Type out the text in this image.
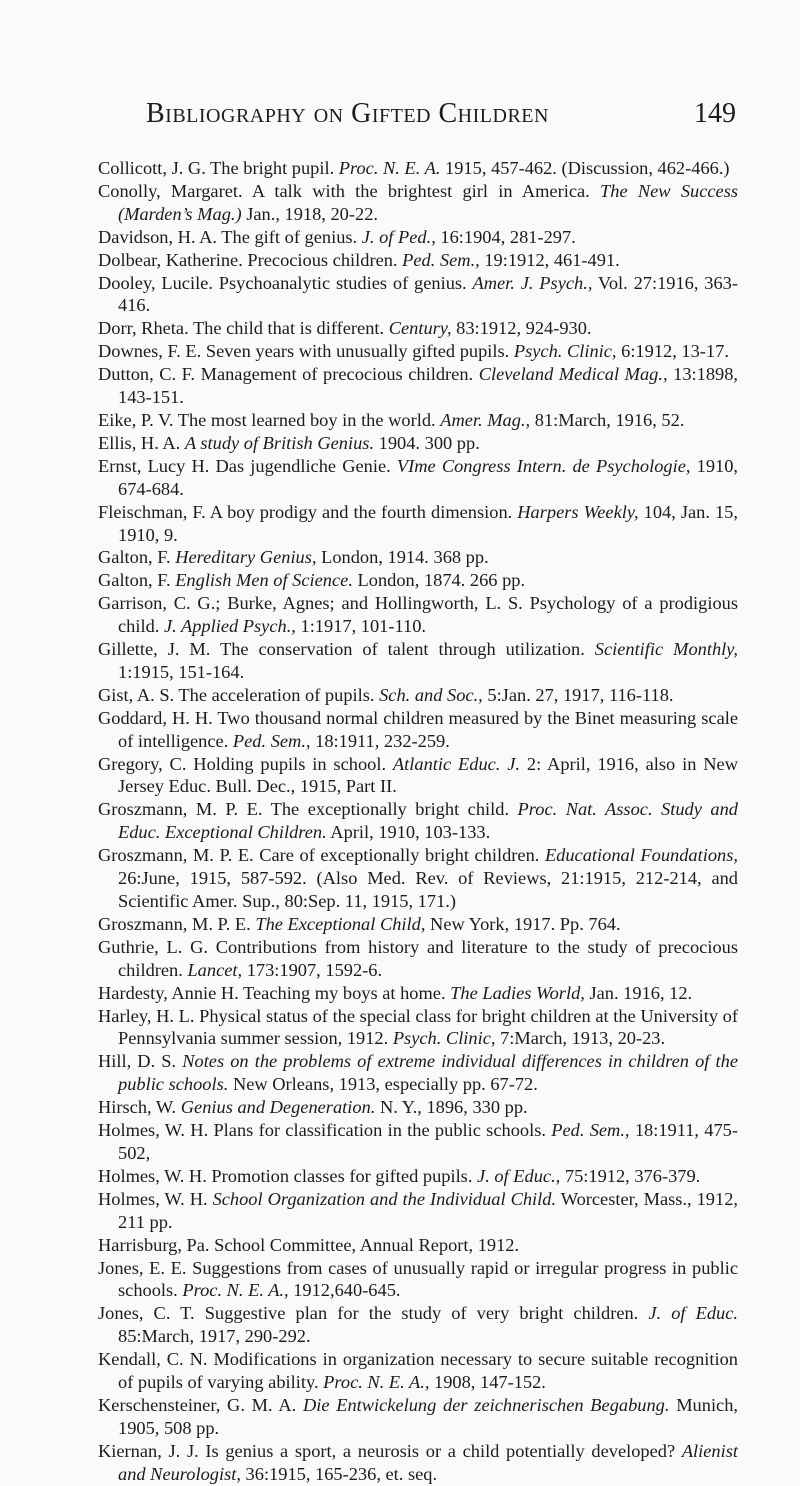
Bibliography on Gifted Children	149

Collicott, J. G. The bright pupil. Proc. N. E. A. 1915, 457-462. (Discussion, 462-466.)

Conolly, Margaret. A talk with the brightest girl in America. The New Success (Marden’s Mag.) Jan., 1918, 20-22.

Davidson, H. A. The gift of genius. J. of Ped., 16:1904, 281-297.

Dolbear, Katherine. Precocious children. Ped. Sem., 19:1912, 461-491.

Dooley, Lucile. Psychoanalytic studies of genius. Amer. J. Psych., Vol. 27:1916, 363-416.

Dorr, Rheta. The child that is different. Century, 83:1912, 924-930.

Downes, F. E. Seven years with unusually gifted pupils. Psych. Clinic, 6:1912, 13-17.

Dutton, C. F. Management of precocious children. Cleveland Medical Mag., 13:1898, 143-151.

Eike, P. V. The most learned boy in the world. Amer. Mag., 81:March, 1916, 52.

Ellis, H. A. A study of British Genius. 1904. 300 pp.

Ernst, Lucy H. Das jugendliche Genie. VIme Congress Intern. de Psychologie, 1910, 674-684.

Fleischman, F. A boy prodigy and the fourth dimension. Harpers Weekly, 104, Jan. 15, 1910, 9.

Galton, F. Hereditary Genius, London, 1914. 368 pp.

Galton, F. English Men of Science. London, 1874. 266 pp.

Garrison, C. G.; Burke, Agnes; and Hollingworth, L. S. Psychology of a prodigious child. J. Applied Psych., 1:1917, 101-110.

Gillette, J. M. The conservation of talent through utilization. Scientific Monthly, 1:1915, 151-164.

Gist, A. S. The acceleration of pupils. Sch. and Soc., 5:Jan. 27, 1917, 116-118.

Goddard, H. H. Two thousand normal children measured by the Binet measuring scale of intelligence. Ped. Sem., 18:1911, 232-259.

Gregory, C. Holding pupils in school. Atlantic Educ. J. 2: April, 1916, also in New Jersey Educ. Bull. Dec., 1915, Part II.

Groszmann, M. P. E. The exceptionally bright child. Proc. Nat. Assoc. Study and Educ. Exceptional Children. April, 1910, 103-133.

Groszmann, M. P. E. Care of exceptionally bright children. Educational Foundations, 26:June, 1915, 587-592. (Also Med. Rev. of Reviews, 21:1915, 212-214, and Scientific Amer. Sup., 80:Sep. 11, 1915, 171.)

Groszmann, M. P. E. The Exceptional Child, New York, 1917. Pp. 764.

Guthrie, L. G. Contributions from history and literature to the study of precocious children. Lancet, 173:1907, 1592-6.

Hardesty, Annie H. Teaching my boys at home. The Ladies World, Jan. 1916, 12.

Harley, H. L. Physical status of the special class for bright children at the University of Pennsylvania summer session, 1912. Psych. Clinic, 7:March, 1913, 20-23.

Hill, D. S. Notes on the problems of extreme individual differences in children of the public schools. New Orleans, 1913, especially pp. 67-72.

Hirsch, W. Genius and Degeneration. N. Y., 1896, 330 pp.

Holmes, W. H. Plans for classification in the public schools. Ped. Sem., 18:1911, 475-502,

Holmes, W. H. Promotion classes for gifted pupils. J. of Educ., 75:1912, 376-379.

Holmes, W. H. School Organization and the Individual Child. Worcester, Mass., 1912, 211 pp.

Harrisburg, Pa. School Committee, Annual Report, 1912.

Jones, E. E. Suggestions from cases of unusually rapid or irregular progress in public schools. Proc. N. E. A., 1912,640-645.

Jones, C. T. Suggestive plan for the study of very bright children. J. of Educ. 85:March, 1917, 290-292.

Kendall, C. N. Modifications in organization necessary to secure suitable recognition of pupils of varying ability. Proc. N. E. A., 1908, 147-152.

Kerschensteiner, G. M. A. Die Entwickelung der zeichnerischen Begabung. Munich, 1905, 508 pp.

Kiernan, J. J. Is genius a sport, a neurosis or a child potentially developed? Alienist and Neurologist, 36:1915, 165-236, et. seq.
